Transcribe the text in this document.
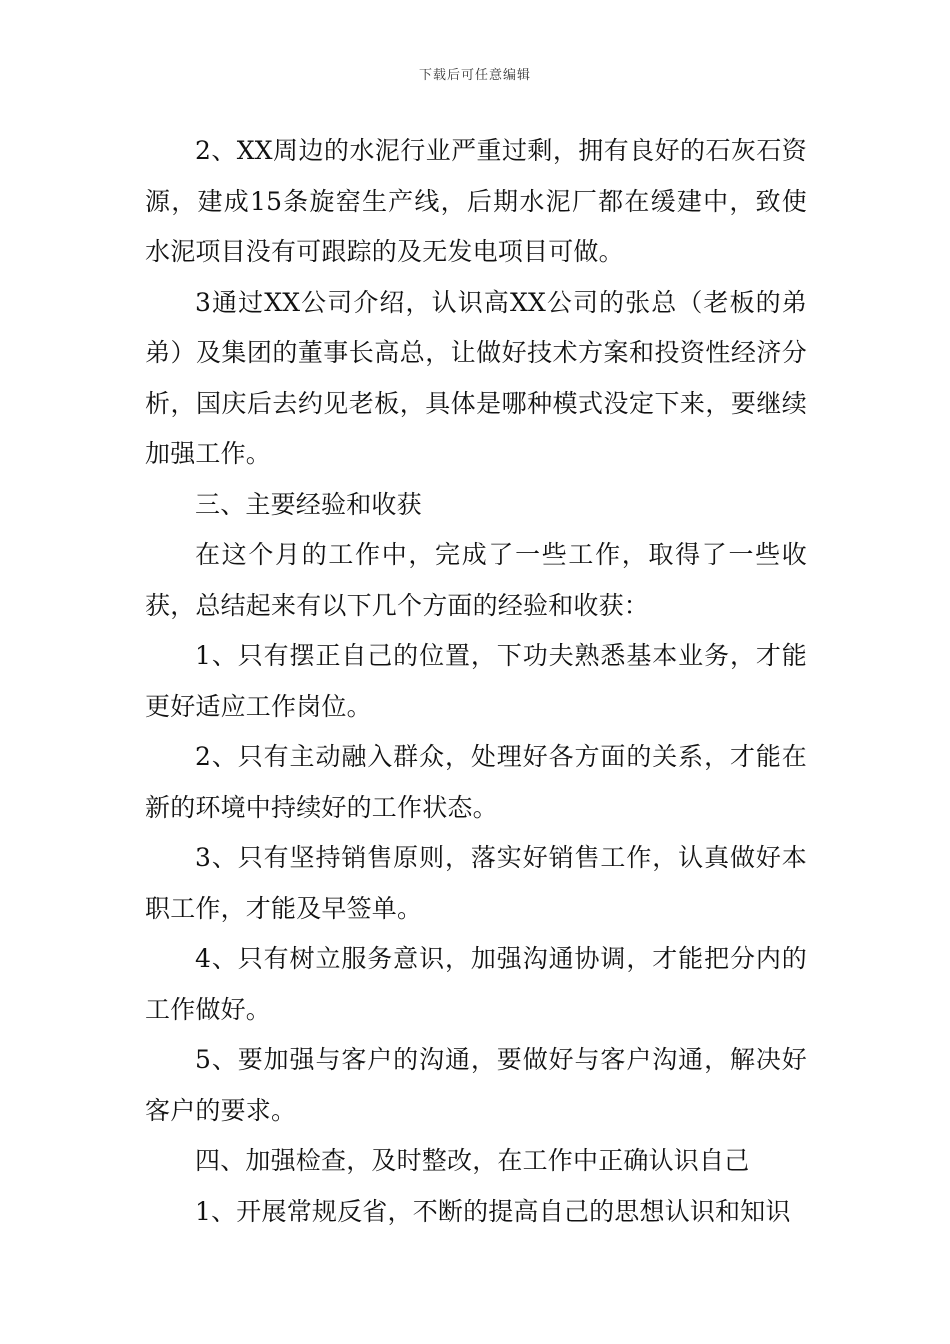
下载后可任意编辑

2、XX周边的水泥行业严重过剩，拥有良好的石灰石资源，建成15条旋窑生产线，后期水泥厂都在缓建中，致使水泥项目没有可跟踪的及无发电项目可做。

3通过XX公司介绍，认识高XX公司的张总（老板的弟弟）及集团的董事长高总，让做好技术方案和投资性经济分析，国庆后去约见老板，具体是哪种模式没定下来，要继续加强工作。

三、主要经验和收获

在这个月的工作中，完成了一些工作，取得了一些收获，总结起来有以下几个方面的经验和收获：

1、只有摆正自己的位置，下功夫熟悉基本业务，才能更好适应工作岗位。

2、只有主动融入群众，处理好各方面的关系，才能在新的环境中持续好的工作状态。

3、只有坚持销售原则，落实好销售工作，认真做好本职工作，才能及早签单。

4、只有树立服务意识，加强沟通协调，才能把分内的工作做好。

5、要加强与客户的沟通，要做好与客户沟通，解决好客户的要求。

四、加强检查，及时整改，在工作中正确认识自己

1、开展常规反省，不断的提高自己的思想认识和知识
